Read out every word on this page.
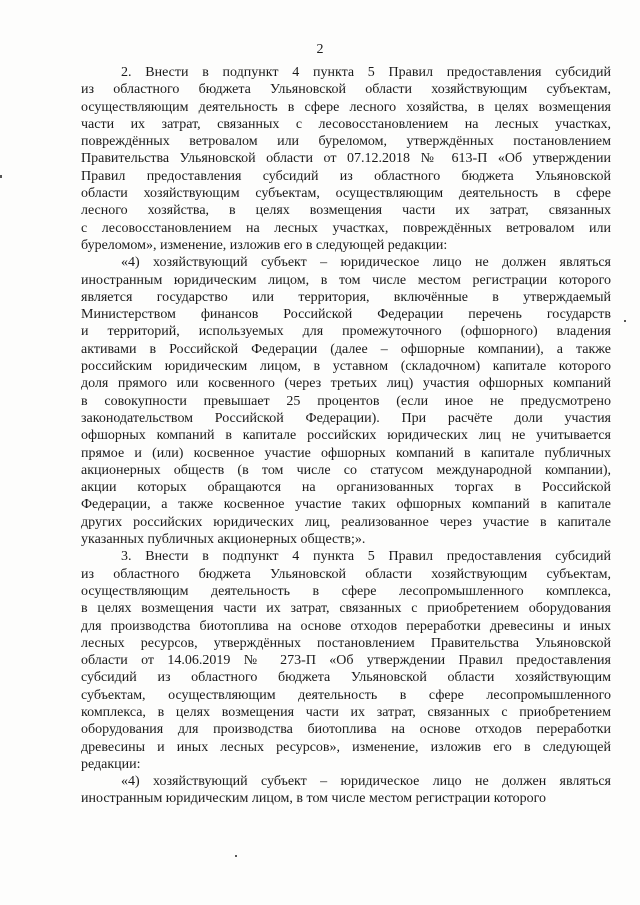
2
2. Внести в подпункт 4 пункта 5 Правил предоставления субсидий
из областного бюджета Ульяновской области хозяйствующим субъектам,
осуществляющим деятельность в сфере лесного хозяйства, в целях возмещения
части их затрат, связанных с лесовосстановлением на лесных участках,
повреждённых ветровалом или буреломом, утверждённых постановлением
Правительства Ульяновской области от 07.12.2018 № 613-П «Об утверждении
Правил предоставления субсидий из областного бюджета Ульяновской
области хозяйствующим субъектам, осуществляющим деятельность в сфере
лесного хозяйства, в целях возмещения части их затрат, связанных
с лесовосстановлением на лесных участках, повреждённых ветровалом или
буреломом», изменение, изложив его в следующей редакции:
«4) хозяйствующий субъект – юридическое лицо не должен являться
иностранным юридическим лицом, в том числе местом регистрации которого
является государство или территория, включённые в утверждаемый
Министерством финансов Российской Федерации перечень государств
и территорий, используемых для промежуточного (офшорного) владения
активами в Российской Федерации (далее – офшорные компании), а также
российским юридическим лицом, в уставном (складочном) капитале которого
доля прямого или косвенного (через третьих лиц) участия офшорных компаний
в совокупности превышает 25 процентов (если иное не предусмотрено
законодательством Российской Федерации). При расчёте доли участия
офшорных компаний в капитале российских юридических лиц не учитывается
прямое и (или) косвенное участие офшорных компаний в капитале публичных
акционерных обществ (в том числе со статусом международной компании),
акции которых обращаются на организованных торгах в Российской
Федерации, а также косвенное участие таких офшорных компаний в капитале
других российских юридических лиц, реализованное через участие в капитале
указанных публичных акционерных обществ;».
3. Внести в подпункт 4 пункта 5 Правил предоставления субсидий
из областного бюджета Ульяновской области хозяйствующим субъектам,
осуществляющим деятельность в сфере лесопромышленного комплекса,
в целях возмещения части их затрат, связанных с приобретением оборудования
для производства биотоплива на основе отходов переработки древесины и иных
лесных ресурсов, утверждённых постановлением Правительства Ульяновской
области от 14.06.2019 № 273-П «Об утверждении Правил предоставления
субсидий из областного бюджета Ульяновской области хозяйствующим
субъектам, осуществляющим деятельность в сфере лесопромышленного
комплекса, в целях возмещения части их затрат, связанных с приобретением
оборудования для производства биотоплива на основе отходов переработки
древесины и иных лесных ресурсов», изменение, изложив его в следующей
редакции:
«4) хозяйствующий субъект – юридическое лицо не должен являться
иностранным юридическим лицом, в том числе местом регистрации которого
